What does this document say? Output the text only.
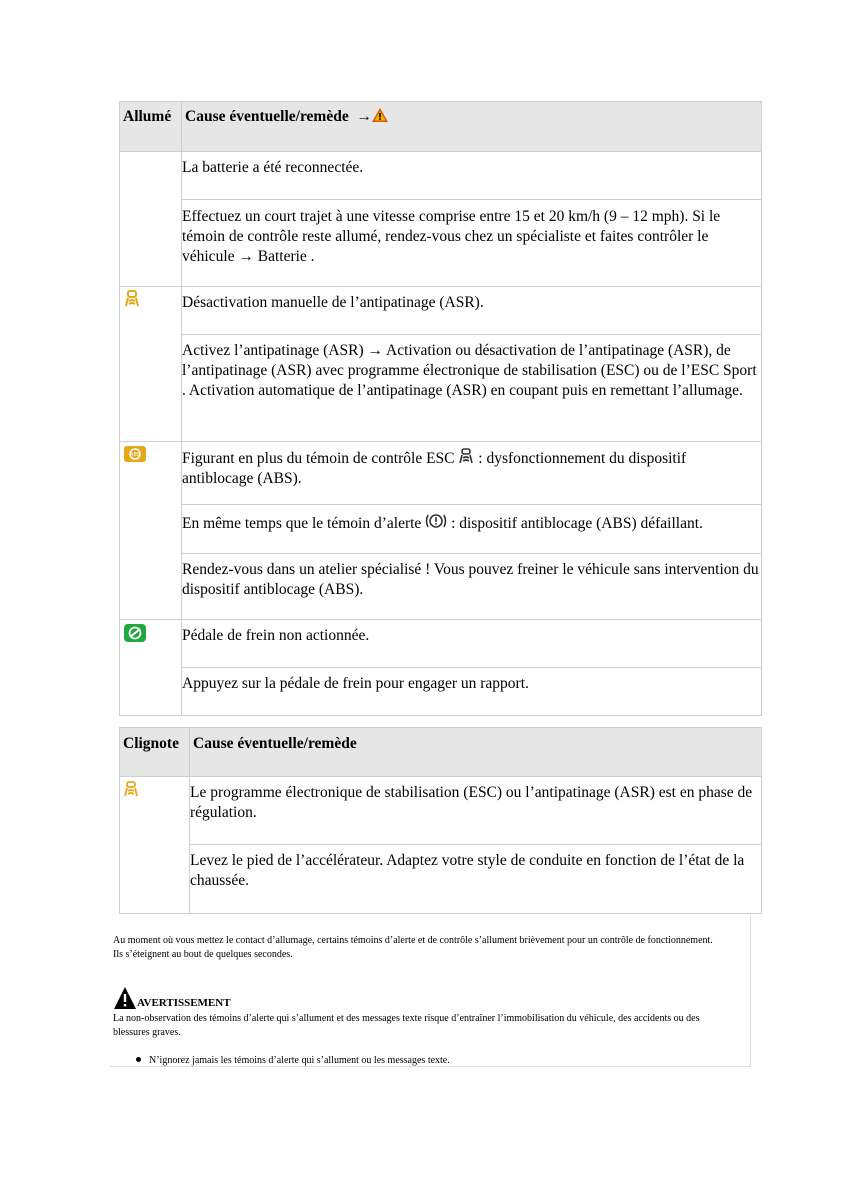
Allumé	Cause éventuelle/remède →
	La batterie a été reconnectée.
	Effectuez un court trajet à une vitesse comprise entre 15 et 20 km/h (9 – 12 mph). Si le témoin de contrôle reste allumé, rendez-vous chez un spécialiste et faites contrôler le véhicule → Batterie .
	Désactivation manuelle de l’antipatinage (ASR).
	Activez l’antipatinage (ASR) → Activation ou désactivation de l’antipatinage (ASR), de l’antipatinage (ASR) avec programme électronique de stabilisation (ESC) ou de l’ESC Sport . Activation automatique de l’antipatinage (ASR) en coupant puis en remettant l’allumage.

ABS	Figurant en plus du témoin de contrôle ESC  : dysfonctionnement du dispositif antiblocage (ABS).
	En même temps que le témoin d’alerte  : dispositif antiblocage (ABS) défaillant.
	Rendez-vous dans un atelier spécialisé ! Vous pouvez freiner le véhicule sans intervention du dispositif antiblocage (ABS).
	Pédale de frein non actionnée.
	Appuyez sur la pédale de frein pour engager un rapport.
Clignote	Cause éventuelle/remède
	Le programme électronique de stabilisation (ESC) ou l’antipatinage (ASR) est en phase de régulation.
	Levez le pied de l’accélérateur. Adaptez votre style de conduite en fonction de l’état de la chaussée.
Au moment où vous mettez le contact d’allumage, certains témoins d’alerte et de contrôle s’allument brièvement pour un contrôle de fonctionnement. Ils s’éteignent au bout de quelques secondes.
AVERTISSEMENT
La non-observation des témoins d’alerte qui s’allument et des messages texte risque d’entraîner l’immobilisation du véhicule, des accidents ou des blessures graves.
N’ignorez jamais les témoins d’alerte qui s’allument ou les messages texte.
